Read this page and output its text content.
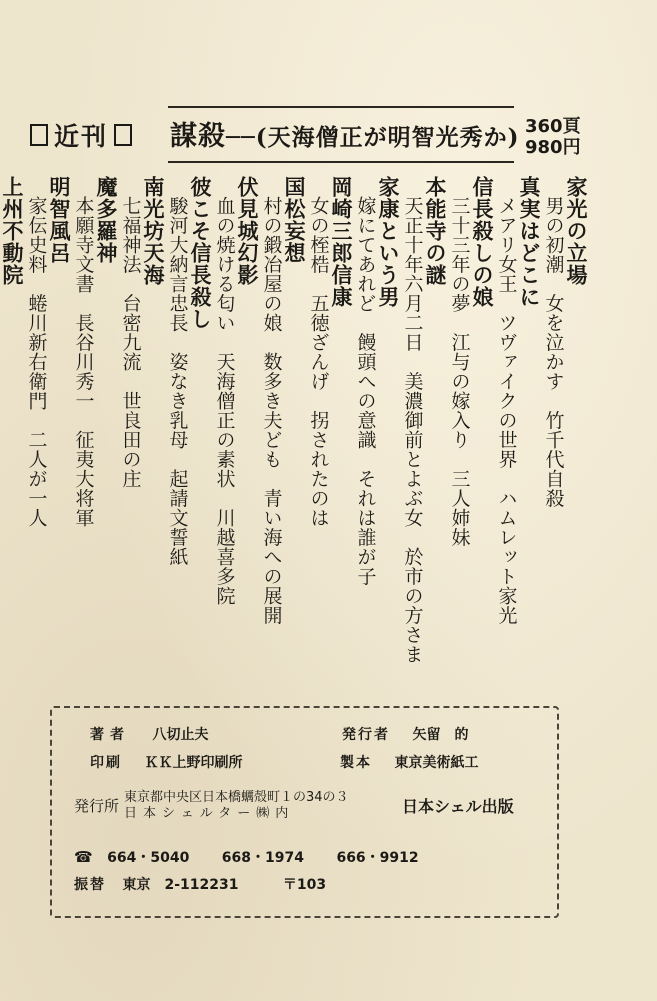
近刊 謀殺──(天海僧正が明智光秀か) 360頁
980円
家光の立場
男の初潮　女を泣かす　竹千代自殺
真実はどこに
メアリ女王　ツヴァイクの世界　ハムレット家光
信長殺しの娘
三十三年の夢　江与の嫁入り　三人姉妹
本能寺の謎
天正十年六月二日　美濃御前とよぶ女　於市の方さま
家康という男
嫁にてあれど　饅頭への意識　それは誰が子
岡崎三郎信康
女の桎梏　五徳ざんげ　拐されたのは
国松妄想
村の鍛冶屋の娘　数多き夫ども　青い海への展開
伏見城幻影
血の焼ける匂い　天海僧正の素状　川越喜多院
彼こそ信長殺し
駿河大納言忠長　姿なき乳母　起請文誓紙
南光坊天海
七福神法　台密九流　世良田の庄
魔多羅神
本願寺文書　長谷川秀一　征夷大将軍
明智風呂
家伝史料　蜷川新右衛門　二人が一人
上州不動院
著者 八切止夫	発行者 矢留　的
印刷 ＫＫ上野印刷所	製本 東京美術紙工
発行所 東京都中央区日本橋蠣殻町１の34の３
日本シェルター㈱内	日本シェル出版
☎ 664・5040 668・1974 666・9912
振替 東京　2-112231	〒103
